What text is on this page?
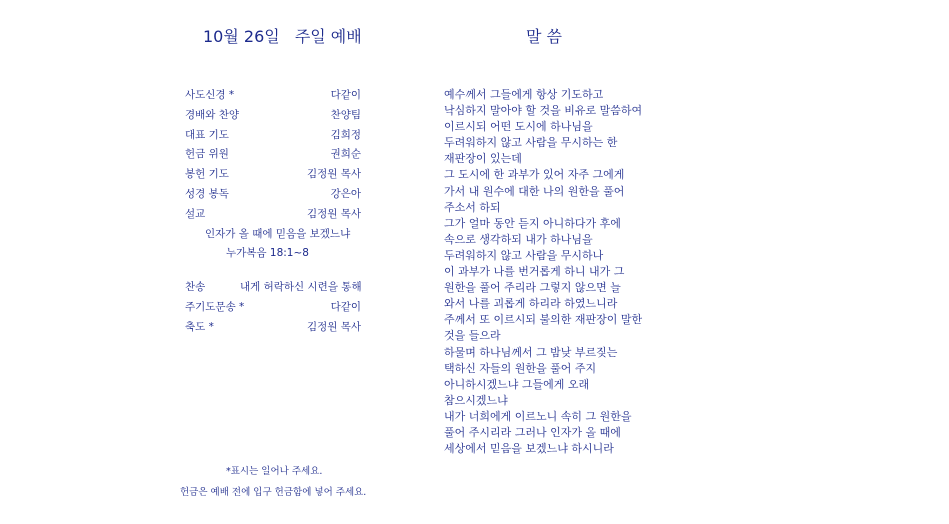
10월 26일 주일 예배	말 씀
사도신경 *	다같이
경배와 찬양	찬양팀
대표 기도	김희정
헌금 위원	권희순
봉헌 기도	김정원 목사
성경 봉독	강은아
설교	김정원 목사
인자가 올 때에 믿음을 보겠느냐
누가복음 18:1~8
찬송	내게 허락하신 시련을 통해
주기도문송 *	다같이
축도 *	김정원 목사
예수께서 그들에게 항상 기도하고
낙심하지 말아야 할 것을 비유로 말씀하여
이르시되 어떤 도시에 하나님을
두려워하지 않고 사람을 무시하는 한
재판장이 있는데
그 도시에 한 과부가 있어 자주 그에게
가서 내 원수에 대한 나의 원한을 풀어
주소서 하되
그가 얼마 동안 듣지 아니하다가 후에
속으로 생각하되 내가 하나님을
두려워하지 않고 사람을 무시하나
이 과부가 나를 번거롭게 하니 내가 그
원한을 풀어 주리라 그렇지 않으면 늘
와서 나를 괴롭게 하리라 하였느니라
주께서 또 이르시되 불의한 재판장이 말한
것을 들으라
하물며 하나님께서 그 밤낮 부르짖는
택하신 자들의 원한을 풀어 주지
아니하시겠느냐 그들에게 오래
참으시겠느냐
내가 너희에게 이르노니 속히 그 원한을
풀어 주시리라 그러나 인자가 올 때에
세상에서 믿음을 보겠느냐 하시니라
*표시는 일어나 주세요.
헌금은 예배 전에 입구 헌금함에 넣어 주세요.
